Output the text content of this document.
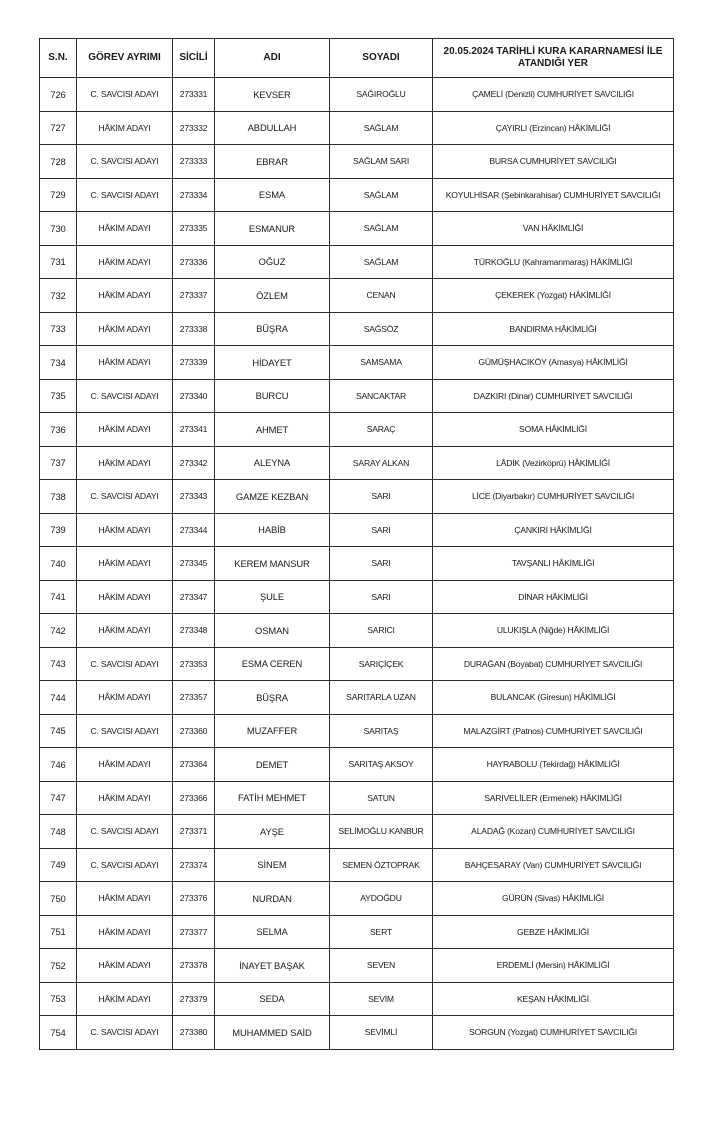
S.N.	GÖREV AYRIMI	SİCİLİ	ADI	SOYADI	20.05.2024 TARİHLİ KURA KARARNAMESİ İLE ATANDIĞI YER
726	C. SAVCISI ADAYI	273331	KEVSER	SAĞIROĞLU	ÇAMELİ (Denizli) CUMHURİYET SAVCILIĞI
727	HÂKİM ADAYI	273332	ABDULLAH	SAĞLAM	ÇAYIRLI (Erzincan) HÂKİMLİĞİ
728	C. SAVCISI ADAYI	273333	EBRAR	SAĞLAM SARI	BURSA CUMHURİYET SAVCILIĞI
729	C. SAVCISI ADAYI	273334	ESMA	SAĞLAM	KOYULHİSAR (Şebinkarahisar) CUMHURİYET SAVCILIĞI
730	HÂKİM ADAYI	273335	ESMANUR	SAĞLAM	VAN HÂKİMLİĞİ
731	HÂKİM ADAYI	273336	OĞUZ	SAĞLAM	TÜRKOĞLU (Kahramanmaraş) HÂKİMLİĞİ
732	HÂKİM ADAYI	273337	ÖZLEM	CENAN	ÇEKEREK (Yozgat) HÂKİMLİĞİ
733	HÂKİM ADAYI	273338	BÜŞRA	SAĞSÖZ	BANDIRMA HÂKİMLİĞİ
734	HÂKİM ADAYI	273339	HİDAYET	SAMSAMA	GÜMÜŞHACIKÖY (Amasya) HÂKİMLİĞİ
735	C. SAVCISI ADAYI	273340	BURCU	SANCAKTAR	DAZKIRI (Dinar) CUMHURİYET SAVCILIĞI
736	HÂKİM ADAYI	273341	AHMET	SARAÇ	SOMA HÂKİMLİĞİ
737	HÂKİM ADAYI	273342	ALEYNA	SARAY ALKAN	LÂDİK (Vezirköprü) HÂKİMLİĞİ
738	C. SAVCISI ADAYI	273343	GAMZE KEZBAN	SARI	LİCE (Diyarbakır) CUMHURİYET SAVCILIĞI
739	HÂKİM ADAYI	273344	HABİB	SARI	ÇANKIRI HÂKİMLİĞİ
740	HÂKİM ADAYI	273345	KEREM MANSUR	SARI	TAVŞANLI HÂKİMLİĞİ
741	HÂKİM ADAYI	273347	ŞULE	SARI	DİNAR HÂKİMLİĞİ
742	HÂKİM ADAYI	273348	OSMAN	SARICI	ULUKIŞLA (Niğde) HÂKİMLİĞİ
743	C. SAVCISI ADAYI	273353	ESMA CEREN	SARIÇİÇEK	DURAĞAN (Boyabat) CUMHURİYET SAVCILIĞI
744	HÂKİM ADAYI	273357	BÜŞRA	SARITARLA UZAN	BULANCAK (Giresun) HÂKİMLİĞİ
745	C. SAVCISI ADAYI	273360	MUZAFFER	SARITAŞ	MALAZGİRT (Patnos) CUMHURİYET SAVCILIĞI
746	HÂKİM ADAYI	273364	DEMET	SARITAŞ AKSOY	HAYRABOLU (Tekirdağ) HÂKİMLİĞİ
747	HÂKİM ADAYI	273366	FATİH MEHMET	SATUN	SARIVELİLER (Ermenek) HÂKİMLİĞİ
748	C. SAVCISI ADAYI	273371	AYŞE	SELİMOĞLU KANBUR	ALADAĞ (Kozan) CUMHURİYET SAVCILIĞI
749	C. SAVCISI ADAYI	273374	SİNEM	SEMEN ÖZTOPRAK	BAHÇESARAY (Van) CUMHURİYET SAVCILIĞI
750	HÂKİM ADAYI	273376	NURDAN	AYDOĞDU	GÜRÜN (Sivas) HÂKİMLİĞİ
751	HÂKİM ADAYI	273377	SELMA	SERT	GEBZE HÂKİMLİĞİ
752	HÂKİM ADAYI	273378	İNAYET BAŞAK	SEVEN	ERDEMLİ (Mersin) HÂKİMLİĞİ
753	HÂKİM ADAYI	273379	SEDA	SEVİM	KEŞAN HÂKİMLİĞİ
754	C. SAVCISI ADAYI	273380	MUHAMMED SAİD	SEVİMLİ	SORGUN (Yozgat) CUMHURİYET SAVCILIĞI
